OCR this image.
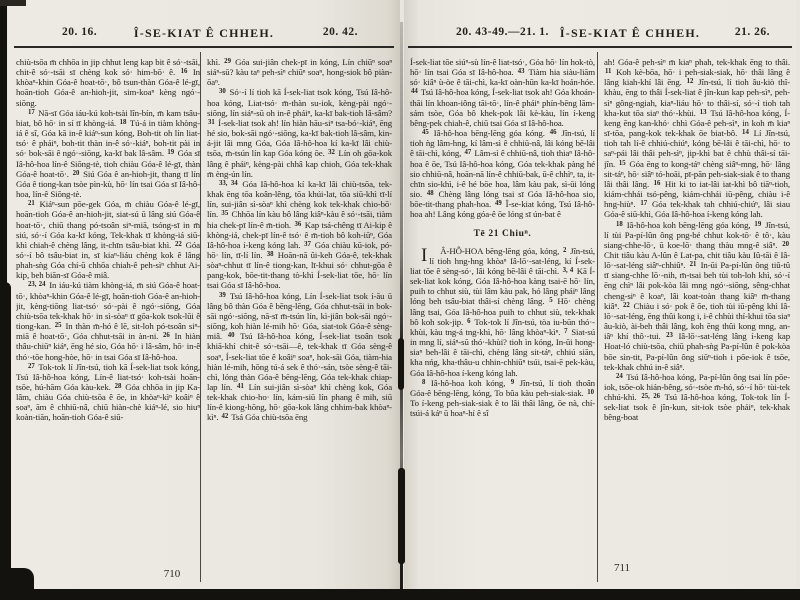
20. 16.	Î-SE-KIAT Ê CHHEH.	20. 42.

chiù-tsōa m̄ chhōa in jip chhut leng kap bit ê só·-tsāi, chit-ê só·-tsāi sī chèng kok só· him-bō· ê. $^{16}$ In khòaⁿ-khin Góa-ê hoat-tō·, bô tsun-thàn Góa-ê lé-gī, hoān-tioh Góa-ê an-hioh-jit, sim-koaⁿ kèng ngó·-siōng.

$^{17}$ Nā-sī Góa iáu-kú koh-tsài lîn-bín, m̄ kam tsâu-biat, bô hō· in sí tī khòng-iá. $^{18}$ Tú-á in tiàm khòng-iá ê sî, Góa kā in-ê kiáⁿ-sun kóng, Boh-tit oh lín liat-tsó· ê pháiⁿ, boh-tit thàn in-ê só·-kiáⁿ, boh-tit pài in só· bok-sāi ê ngó·-siōng, ka-kī bak lâ-sâm. $^{19}$ Góa sī Iâ-hô-hoa lín-ê Siōng-tè, tioh chiàu Góa-ê lé-gī, thàn Góa-ê hoat-tō·. $^{20}$ Siú Góa ê an-hioh-jit, thang tī lín Góa ê tiong-kan tsòe pìn-kù, hō· lín tsai Góa sī Iâ-hô-hoa, lín-ê Siōng-tè.

$^{21}$ Kiáⁿ-sun pōe-gek Góa, m̄ chiàu Góa-ê lé-gī, hoān-tioh Góa-ê an-hioh-jit, siat-sú ū lâng siú Góa-ê hoat-tō·, chiū thang pó-tsoân siⁿ-miā, tsóng-sī in m̄ siú, só·-í Góa ka-kī kóng, Tek-khak tī khòng-iá siū-khì chiah-ê chèng lâng, it-chīn tsâu-biat khì. $^{22}$ Góa só·-í bô tsâu-biat in, sī kiaⁿ-liáu chèng kok ê lâng phah-sǹg Góa chí-ū chhōa chiah-ê peh-sìⁿ chhut Ai-kip, beh biān-sī Góa-ê miâ.

$^{23, 24}$ In iáu-kú tiàm khòng-iá, m̄ siú Góa-ê hoat-tō·, khòaⁿ-khin Góa-ê lé-gī, hoān-tioh Góa-ê an-hioh-jit, kèng-tiōng liat-tsó· só·-pài ê ngó·-siōng, Góa chiù-tsōa tek-khak hō· in sì-sòaⁿ tī gōa-kok tsok-lūi ê tiong-kan. $^{25}$ In thàn m̄-hó ê lē, sit-loh pó-tsoân siⁿ-miā ê hoat-tō·, Góa chhut-tsāi in àn-ni. $^{26}$ In hiàn thâu-chiūⁿ kiáⁿ, ēng hé sio, Góa hō· i lâ-sâm, hō· in-ê thó·-tōe hong-hòe, hō· in tsai Góa sī Iâ-hô-hoa.

$^{27}$ Tok-tok lí Jîn-tsú, tioh kā Í-sek-liat tsok kóng, Tsú Iâ-hô-hoa kóng, Lín-ê liat-tsó· koh-tsài hoān-tsōe, hú-hām Góa kàu-kek. $^{28}$ Góa chhōa in jip Ka-lâm, chiàu Góa chiù-tsōa ê ōe, in khòaⁿ-kìⁿ koâiⁿ ê soaⁿ, ām ê chhiū-nâ, chiū hiàn-chè kiáⁿ-lé, sio hiuⁿ koàn-tiān, hoān-tioh Góa-ê siū-

khì. $^{29}$ Góa sui-jiân chek-pī in kóng, Lín chiūⁿ soaⁿ siáⁿ-sū? kàu taⁿ peh-sìⁿ chiūⁿ soaⁿ, hong-siok bô piàn-ōaⁿ.

$^{30}$ Só·-í lí tioh kā Í-sek-liat tsok kóng, Tsú Iâ-hô-hoa kóng, Liat-tsó· m̄-thàn su-iok, kèng-pài ngó·-siōng, lín siáⁿ-sū oh in-ê pháiⁿ, ka-kī bak-tioh lâ-sâm? $^{31}$ Í-sek-liat tsok ah! lín hiàn hāu-siⁿ tsa-bó·-kiáⁿ, ēng hé sio, bok-sāi ngó·-siōng, ka-kī bak-tioh lâ-sâm, kin-á-jit lâi mng Góa, Góa Iâ-hô-hoa kí ka-kī lâi chiù-tsōa, m̄-tsún lín kap Góa kóng ōe. $^{32}$ Lín oh gōa-kok lâng ê pháiⁿ, kèng-pài chhâ kap chioh, Góa tek-khak m̄ èng-ún lín.

$^{33, 34}$ Góa Iâ-hô-hoa kí ka-kī lâi chiù-tsōa, tek-khak ēng tōa koân-lêng, tōa khúi-lat, tōa siū-khì tī-lí lín, sui-jiân sì-sòaⁿ khì chèng kok tek-khak chio-bō· lín. $^{35}$ Chhōa lín kàu bô lâng kiâⁿ-kàu ê só·-tsāi, tiàm hia chek-pī lín-ê m̄-tioh. $^{36}$ Kap tsá-chêng tī Ai-kip ê khòng-iá, chek-pī lín-ê tsó· ê m̄-tioh bô koh-iūⁿ, Góa Iâ-hô-hoa í-keng kóng lah. $^{37}$ Góa chiàu kū-iok, pó-hō· lín, tī-lí lín. $^{38}$ Hoān-nā ûi-keh Góa-ê, tek-khak sòaⁿ-chhut tī lín-ê tiong-kan, lī-khui só· chhut-gōa ê pang-kok, bōe-tit-thang tò-khì Í-sek-liat tōe, hō· lín tsai Góa sī Iâ-hô-hoa.

$^{39}$ Tsú Iâ-hô-hoa kóng, Lín Í-sek-liat tsok í-āu ū lâng bô thàn Góa ê bēng-lēng, Góa chhut-tsāi in bok-sāi ngó·-siōng, nā-sī m̄-tsún lín, kì-jiân bok-sāi ngó·-siōng, koh hiàn lé-mih hō· Góa, siat-tok Góa-ê sèng-miâ. $^{40}$ Tsú Iâ-hô-hoa kóng, Í-sek-liat tsoân tsok khiā-khí chit-ê só·-tsāi—ê, tek-khak tī Góa sèng-ê soaⁿ, Í-sek-liat tōe ê koâiⁿ soaⁿ, hok-sāi Góa, tiàm-hia hiàn lé-mih, hōng tú-á sek ê thó·-sán, tsòe sèng-ê tāi-chì, lóng thàn Góa-ê bēng-lēng, Góa tek-khak chiap-lap lín. $^{41}$ Lín sui-jiân sì-sòaⁿ khì chèng kok, Góa tek-khak chio-ho· lín, kám-siū lín phang ê mih, siū lín-ê kiong-hōng, hō· gōa-kok lâng chhim-bak khòaⁿ-kìⁿ. $^{42}$ Tsá Góa chiù-tsōa ēng

710
20. 43-49.—21. 1. Î-SE-KIAT Ê CHHEH.	21. 26.

Í-sek-liat tōe siúⁿ-sù lín-ê liat-tsó·, Góa hō· lín hok-tò, hō· lín tsai Góa sī Iâ-hô-hoa. $^{43}$ Tiàm hia siàu-liām só· kiâⁿ ù-òe ê tāi-chì, ka-kī oàn-hūn ka-kī hoán-hóe. $^{44}$ Tsú Iâ-hô-hoa kóng, Í-sek-liat tsok ah! Góa khoán-thāi lín khoan-iông tāi-tō·, lín-ê pháiⁿ phín-bēng lām-sám tsòe, Góa bô khek-pok lâi kè-kàu, lín í-keng bêng-pek chiah-ê, chiū tsai Góa sī Iâ-hô-hoa.

$^{45}$ Iâ-hô-hoa bēng-lēng góa kóng. $^{46}$ Jîn-tsú, lí tioh ǹg lâm-hng, kí lâm-sì ê chhiū-nâ, lâi kóng bē-lâi ê tāi-chì, kóng, $^{47}$ Lâm-sì ê chhiū-nâ, tioh thiaⁿ Iâ-hô-hoa ê ōe, Tsú Iâ-hô-hoa kóng, Góa tek-khak pàng hé sio chhiū-nâ, hoān-nā lín-ê chhiū-bak, ū-ê chhìⁿ, ta, it-chīn sio-khì, i-ê hé bōe hoa, lâm kàu pak, sì-ūi lóng sio. $^{48}$ Chèng lâng lóng tsai sī Góa Iâ-hô-hoa sio, bōe-tit-thang phah-hoa. $^{49}$ Î-se-kiat kóng, Tsú Iâ-hô-hoa ah! Lâng kóng góa-ê ōe lóng sī ún-bat ê

Tē 21 Chiuⁿ.

I Â-HÔ-HOA bēng-lēng góa, kóng, $^2$ Jîn-tsú, lí tioh hng-hng khòaⁿ Iâ-lō·-sat-léng, kí Í-sek-liat tōe ê sèng-só·, lâi kóng bē-lâi ê tāi-chì. $^{3, 4}$ Kā Í-sek-liat kok kóng, Góa Iâ-hô-hoa kàng tsai-ē hō· lín, puih to chhut siù, tùi lâm kàu pak, hó lâng pháiⁿ lâng lóng beh tsâu-biat thâi-sí chèng lâng. $^5$ Hō· chèng lâng tsai, Góa Iâ-hô-hoa puih to chhut siù, tek-khak bô koh sok-jip. $^6$ Tok-tok lí Jîn-tsú, tòa iu-būn thó·-khùi, kàu tng-á tng-khì, hō· lâng khòaⁿ-kìⁿ. $^7$ Siat-sú in mng lí, siáⁿ-sū thó·-khùi? tioh ìn kóng, In-ūi hong-siaⁿ beh-lâi ê tāi-chì, chèng lâng sit-táⁿ, chhiú siān, kha nńg, kha-thâu-u chhin-chhiūⁿ tsúi, tsai-ē pek-kàu, Góa Iâ-hô-hoa í-keng kóng lah.

$^8$ Iâ-hô-hoa koh kóng, $^9$ Jîn-tsú, lí tioh thoân Góa-ê bēng-lēng, kóng, To bûa kàu peh-siak-siak. $^{10}$ To í-keng peh-siak-siak ê to lâi thâi lâng, ōe nà, chí-tsúi-á káⁿ ū hoaⁿ-hí ê sî

ah! Góa-ê peh-sìⁿ m̄ kiaⁿ phah, tek-khak ēng to thâi. $^{11}$ Koh kè-bōa, hō· i peh-siak-siak, hō· thâi lâng ê lâng kiah-khí lâi ēng. $^{12}$ Jîn-tsú, lí tioh âu-kiò thî-khàu, ēng to thâi Í-sek-liat ê jîn-kun kap peh-sìⁿ, peh-sìⁿ gông-ngiah, kiaⁿ-liáu hō· to thâi-sí, só·-í tioh tah kha-kut tōa siaⁿ thó·-khùi. $^{13}$ Tsú Iâ-hô-hoa kóng, Í-keng ēng kan-khó· chhì Góa-ê peh-sìⁿ, in koh m̄ kiaⁿ sī-tōa, pang-kok tek-khak ōe biat-bô. $^{14}$ Lí Jîn-tsú, tioh tah lí-ê chhiú-chiúⁿ, kóng bē-lâi ê tāi-chì, hō· to saⁿ-pái lâi thâi peh-sìⁿ, jip-khì bat ê chhù thâi-sí tāi-jîn. $^{15}$ Góa ēng to kong-táⁿ chèng siâⁿ-mng, hō· lâng sit-táⁿ, hō· siâⁿ tó-hoāi, pī-pān peh-siak-siak ê to thang lâi thâi lâng. $^{16}$ Hit ki to iat-lâi iat-khì bô tiāⁿ-tioh, kiám-chhái tsó-pêng, kiám-chhái iū-pêng, chiàu i-ê hng-hiùⁿ. $^{17}$ Góa tek-khak tah chhiú-chiúⁿ, lâi siau Góa-ê siū-khì, Góa Iâ-hô-hoa í-keng kóng lah.

$^{18}$ Iâ-hô-hoa koh bēng-lēng góa kóng, $^{19}$ Jîn-tsú, lí tùi Pa-pí-lûn ông png-bé chhut kok-tō· ê tô·, kàu siang-chhe-lō·, ū koe-lō· thang thàu mng-ê siâⁿ. $^{20}$ Chit tiâu kàu A-lûn ê Lat-pa, chit tiâu kàu Iû-tāi ê Iâ-lō·-sat-léng siâⁿ-chhiûⁿ. $^{21}$ In-ūi Pa-pí-lûn ông tiû-tû tī siang-chhe lō·-nih, m̄-tsai beh tùi toh-loh khì, só·-í ēng chìⁿ lâi pok-kòa lâi mng ngó·-siōng, sêng-chhat cheng-siⁿ ê koaⁿ, lâi koat-toàn thang kiâⁿ m̄-thang kiâⁿ. $^{22}$ Chiàu i só· pok ê ōe, tioh tùi iū-pêng khì Iâ-lō·-sat-léng, ēng thûi kong i, i-ê chhùi thí-khui tōa siaⁿ âu-kiò, ài-beh thâi lâng, koh ēng thûi kong mng, an-iâⁿ khí thô·-tui. $^{23}$ Iâ-lō·-sat-léng lâng í-keng kap Hoat-ló chiù-tsōa, chiū phah-sǹg Pa-pí-lûn ê pok-kòa bōe sìn-tit, Pa-pí-lûn ông siūⁿ-tioh i pōe-iok ê tsōe, tek-khak chhú in-ê siâⁿ.

$^{24}$ Tsú Iâ-hô-hoa kóng, Pa-pí-lûn ông tsai lín pōe-iok, tsōe-ok hián-bêng, só·-tsòe m̄-hó, só·-í hō· tùi-tek chhú-khì. $^{25, 26}$ Tsú Iâ-hô-hoa kóng, Tok-tok lín Í-sek-liat tsok ê jîn-kun, sit-iok tsòe pháiⁿ, tek-khak bêng-boat

711
